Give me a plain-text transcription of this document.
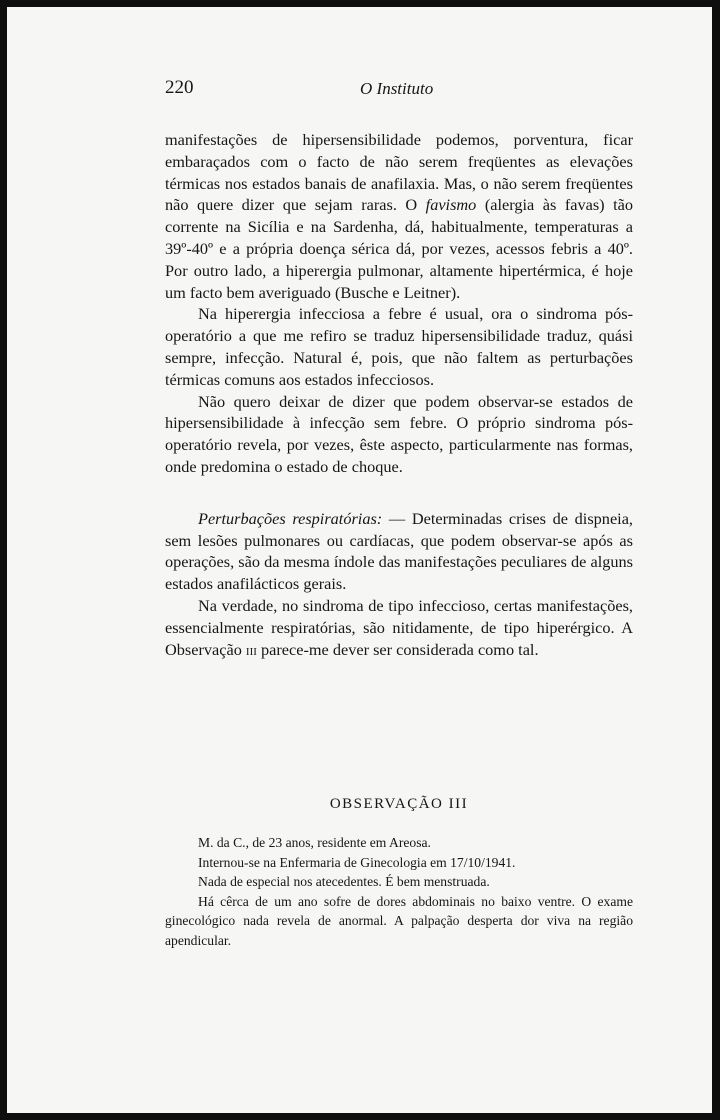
220	O Instituto

manifestações de hipersensibilidade podemos, porventura, ficar embaraçados com o facto de não serem freqüentes as elevações térmicas nos estados banais de anafilaxia. Mas, o não serem freqüentes não quere dizer que sejam raras. O favismo (alergia às favas) tão corrente na Sicília e na Sardenha, dá, habitualmente, temperaturas a 39º-40º e a própria doença sérica dá, por vezes, acessos febris a 40º. Por outro lado, a hiperergia pulmonar, altamente hipertérmica, é hoje um facto bem averiguado (Busche e Leitner).

Na hiperergia infecciosa a febre é usual, ora o sindroma pós-operatório a que me refiro se traduz hipersensibilidade traduz, quási sempre, infecção. Natural é, pois, que não faltem as perturbações térmicas comuns aos estados infecciosos.

Não quero deixar de dizer que podem observar-se estados de hipersensibilidade à infecção sem febre. O próprio sindroma pós-operatório revela, por vezes, êste aspecto, particularmente nas formas, onde predomina o estado de choque.

Perturbações respiratórias: — Determinadas crises de dispneia, sem lesões pulmonares ou cardíacas, que podem observar-se após as operações, são da mesma índole das manifestações peculiares de alguns estados anafilácticos gerais.

Na verdade, no sindroma de tipo infeccioso, certas manifestações, essencialmente respiratórias, são nitidamente, de tipo hiperérgico. A Observação iii parece-me dever ser considerada como tal.

OBSERVAÇÃO III

M. da C., de 23 anos, residente em Areosa.

Internou-se na Enfermaria de Ginecologia em 17/10/1941.

Nada de especial nos atecedentes. É bem menstruada.

Há cêrca de um ano sofre de dores abdominais no baixo ventre. O exame ginecológico nada revela de anormal. A palpação desperta dor viva na região apendicular.
